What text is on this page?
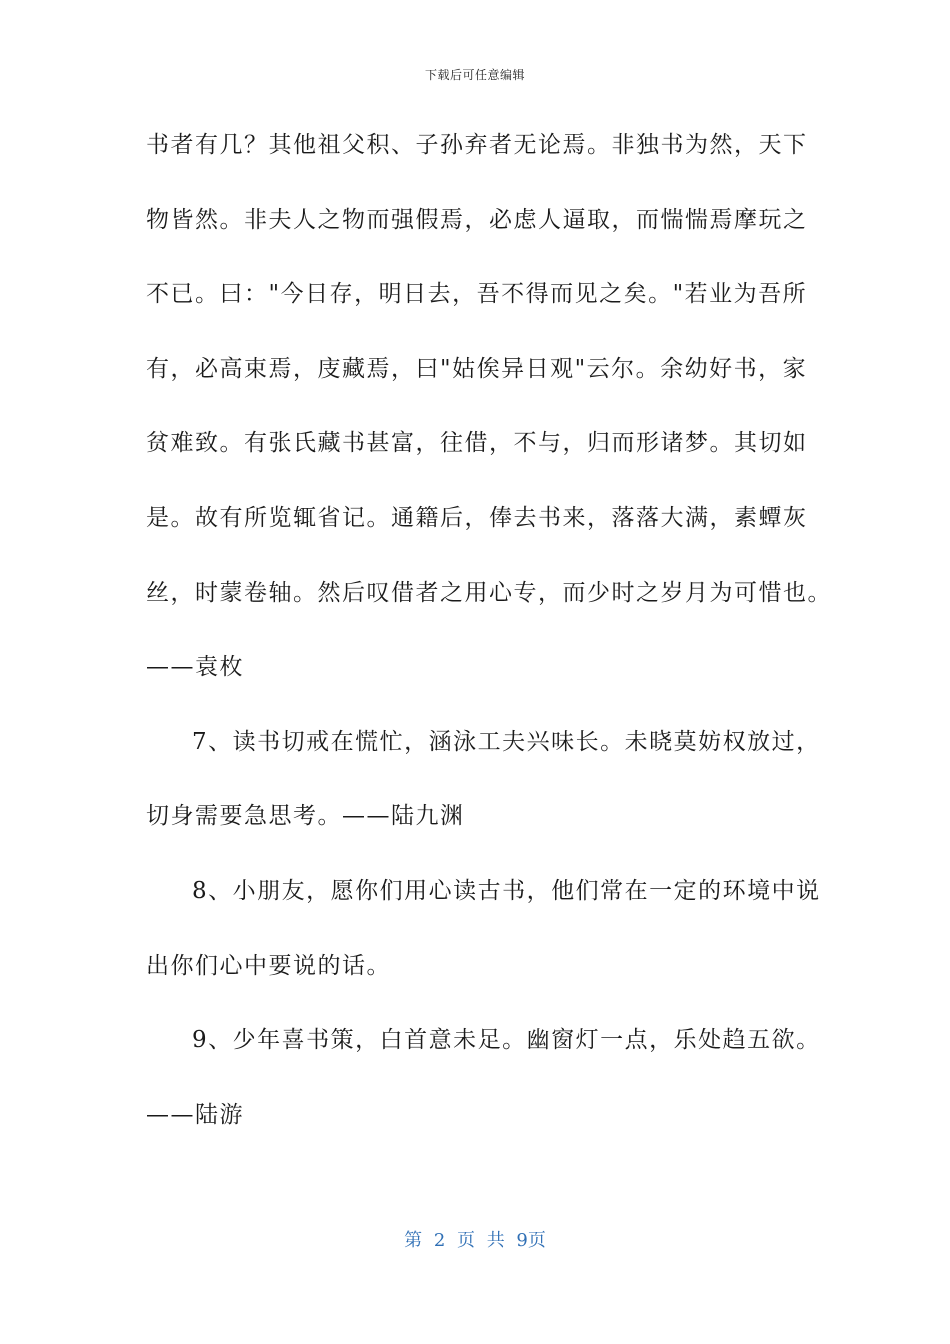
下载后可任意编辑
书者有几？其他祖父积、子孙弃者无论焉。非独书为然，天下
物皆然。非夫人之物而强假焉，必虑人逼取，而惴惴焉摩玩之
不已。曰："今日存，明日去，吾不得而见之矣。"若业为吾所
有，必高束焉，庋藏焉，曰"姑俟异日观"云尔。余幼好书，家
贫难致。有张氏藏书甚富，往借，不与，归而形诸梦。其切如
是。故有所览辄省记。通籍后，俸去书来，落落大满，素蟫灰
丝，时蒙卷轴。然后叹借者之用心专，而少时之岁月为可惜也。
——袁枚
7、读书切戒在慌忙，涵泳工夫兴味长。未晓莫妨权放过，
切身需要急思考。——陆九渊
8、小朋友，愿你们用心读古书，他们常在一定的环境中说
出你们心中要说的话。
9、少年喜书策，白首意未足。幽窗灯一点，乐处趋五欲。
——陆游
第 2 页 共 9页
